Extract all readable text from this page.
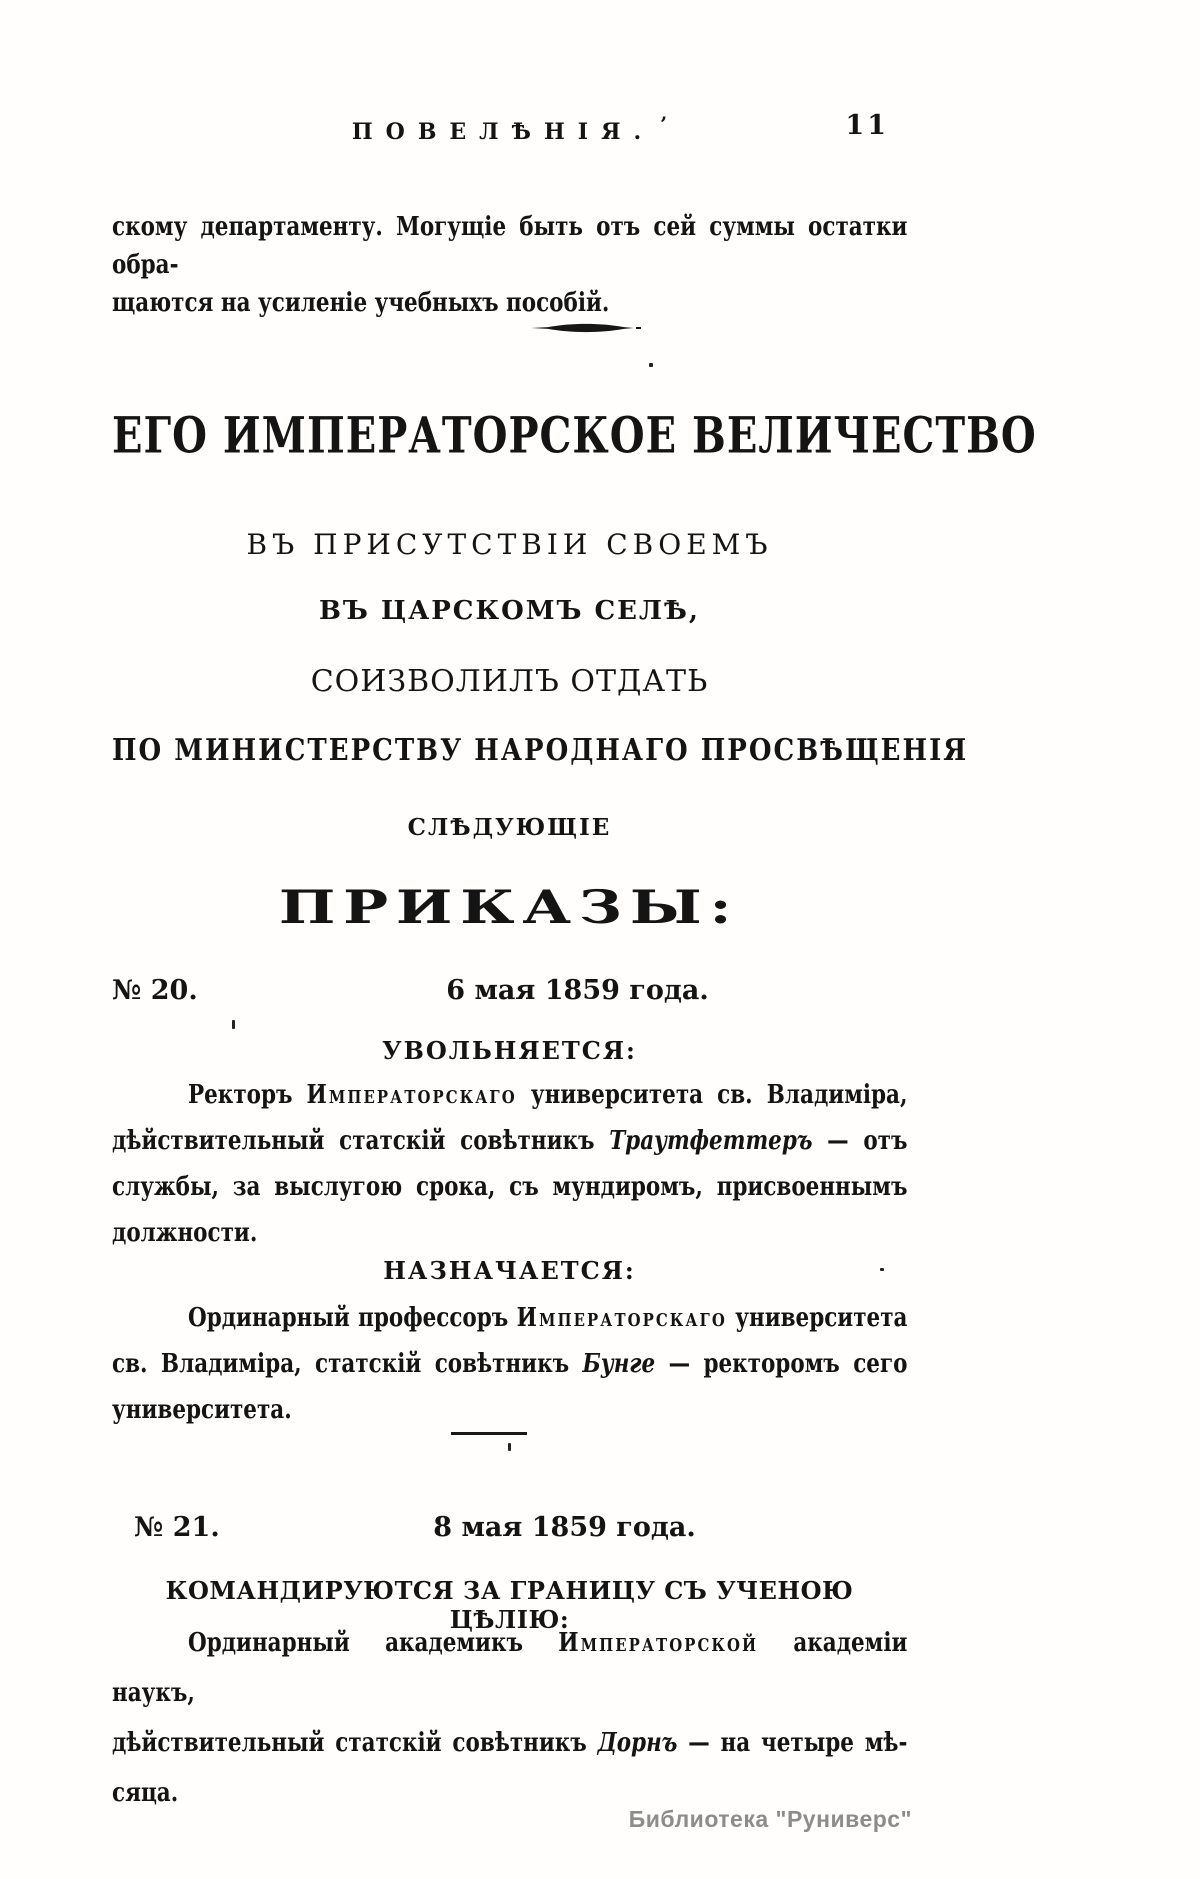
ПОВЕЛѢНІЯ. ’	11
скому департаменту. Могущіе быть отъ сей суммы остатки обра-
щаются на усиленіе учебныхъ пособій.
ЕГО ИМПЕРАТОРСКОЕ ВЕЛИЧЕСТВО
ВЪ ПРИСУТСТВІИ СВОЕМЪ
ВЪ ЦАРСКОМЪ СЕЛѢ,
СОИЗВОЛИЛЪ ОТДАТЬ
ПО МИНИСТЕРСТВУ НАРОДНАГО ПРОСВѢЩЕНІЯ
СЛѢДУЮЩІЕ
ПРИКАЗЫ:
№ 20.	6 мая 1859 года.
УВОЛЬНЯЕТСЯ:
Ректоръ Императорскаго университета св. Владиміра,
дѣйствительный статскій совѣтникъ Траутфеттеръ — отъ
службы, за выслугою срока, съ мундиромъ, присвоеннымъ
должности.
НАЗНАЧАЕТСЯ:
Ординарный профессоръ Императорскаго университета
св. Владиміра, статскій совѣтникъ Бунге — ректоромъ сего
университета.
№ 21.	8 мая 1859 года.
КОМАНДИРУЮТСЯ ЗА ГРАНИЦУ СЪ УЧЕНОЮ ЦѢЛІЮ:
Ординарный академикъ Императорской академіи наукъ,
дѣйствительный статскій совѣтникъ Дорнъ — на четыре мѣ-
сяца.
Библиотека "Руниверс"
